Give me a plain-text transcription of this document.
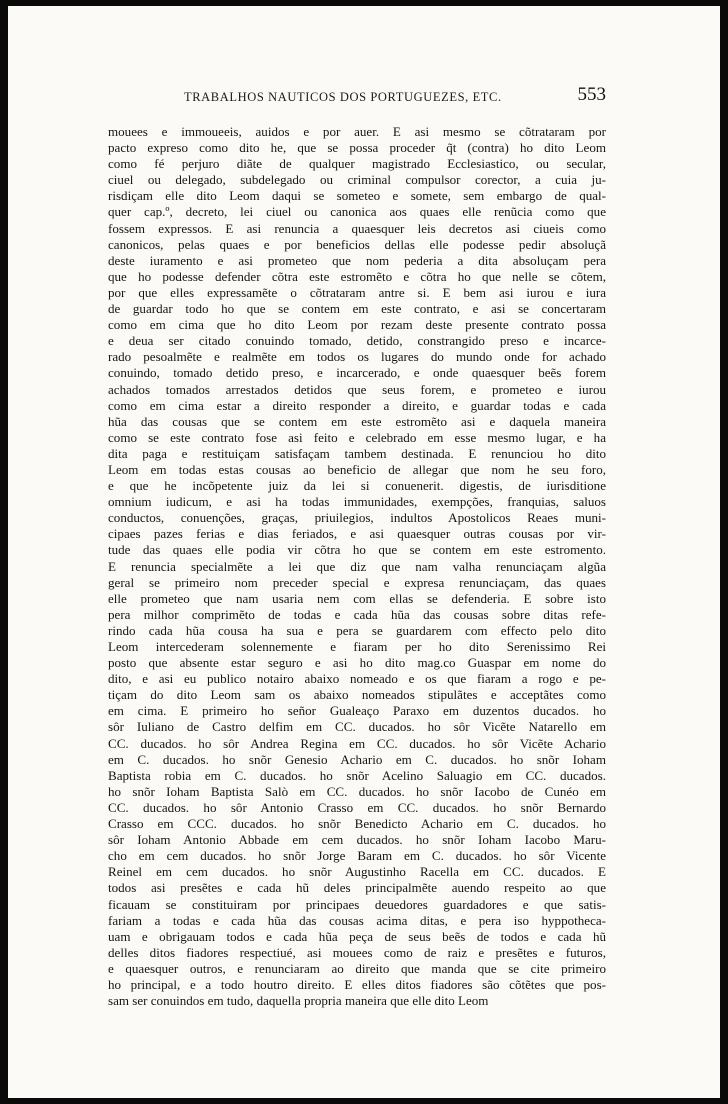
TRABALHOS NAUTICOS DOS PORTUGUEZES, ETC.	553
mouees e immoueeis, auidos e por auer. E asi mesmo se cõtrataram por
pacto expreso como dito he, que se possa proceder q̃t (contra) ho dito Leom
como fé perjuro diãte de qualquer magistrado Ecclesiastico, ou secular,
ciuel ou delegado, subdelegado ou criminal compulsor corector, a cuia ju-
risdiçam elle dito Leom daqui se someteo e somete, sem embargo de qual-
quer cap.º, decreto, lei ciuel ou canonica aos quaes elle renũcia como que
fossem expressos. E asi renuncia a quaesquer leis decretos asi ciueis como
canonicos, pelas quaes e por beneficios dellas elle podesse pedir absoluçã
deste iuramento e asi prometeo que nom pederia a dita absoluçam pera
que ho podesse defender cõtra este estromẽto e cõtra ho que nelle se cõtem,
por que elles expressamẽte o cõtrataram antre si. E bem asi iurou e iura
de guardar todo ho que se contem em este contrato, e asi se concertaram
como em cima que ho dito Leom por rezam deste presente contrato possa
e deua ser citado conuindo tomado, detido, constrangido preso e incarce-
rado pesoalmẽte e realmẽte em todos os lugares do mundo onde for achado
conuindo, tomado detido preso, e incarcerado, e onde quaesquer beẽs forem
achados tomados arrestados detidos que seus forem, e prometeo e iurou
como em cima estar a direito responder a direito, e guardar todas e cada
hũa das cousas que se contem em este estromẽto asi e daquela maneira
como se este contrato fose asi feito e celebrado em esse mesmo lugar, e ha
dita paga e restituiçam satisfaçam tambem destinada. E renunciou ho dito
Leom em todas estas cousas ao beneficio de allegar que nom he seu foro,
e que he incõpetente juiz da lei si conuenerit. digestis, de iurisditione
omnium iudicum, e asi ha todas immunidades, exempções, franquias, saluos
conductos, conuenções, graças, priuilegios, indultos Apostolicos Reaes muni-
cipaes pazes ferias e dias feriados, e asi quaesquer outras cousas por vir-
tude das quaes elle podia vir cõtra ho que se contem em este estromento.
E renuncia specialmẽte a lei que diz que nam valha renunciaçam algũa
geral se primeiro nom preceder special e expresa renunciaçam, das quaes
elle prometeo que nam usaria nem com ellas se defenderia. E sobre isto
pera milhor comprimẽto de todas e cada hũa das cousas sobre ditas refe-
rindo cada hũa cousa ha sua e pera se guardarem com effecto pelo dito
Leom intercederam solennemente e fiaram per ho dito Serenissimo Rei
posto que absente estar seguro e asi ho dito mag.co Guaspar em nome do
dito, e asi eu publico notairo abaixo nomeado e os que fiaram a rogo e pe-
tiçam do dito Leom sam os abaixo nomeados stipulãtes e acceptãtes como
em cima. E primeiro ho señor Gualeaço Paraxo em duzentos ducados. ho
sôr Iuliano de Castro delfim em CC. ducados. ho sôr Vicẽte Natarello em
CC. ducados. ho sôr Andrea Regina em CC. ducados. ho sôr Vicẽte Achario
em C. ducados. ho snõr Genesio Achario em C. ducados. ho snõr Ioham
Baptista robia em C. ducados. ho snõr Acelino Saluagio em CC. ducados.
ho snõr Ioham Baptista Salò em CC. ducados. ho snõr Iacobo de Cunéo em
CC. ducados. ho sôr Antonio Crasso em CC. ducados. ho snõr Bernardo
Crasso em CCC. ducados. ho snõr Benedicto Achario em C. ducados. ho
sôr Ioham Antonio Abbade em cem ducados. ho snõr Ioham Iacobo Maru-
cho em cem ducados. ho snõr Jorge Baram em C. ducados. ho sôr Vicente
Reinel em cem ducados. ho snõr Augustinho Racella em CC. ducados. E
todos asi presẽtes e cada hũ deles principalmẽte auendo respeito ao que
ficauam se constituiram por principaes deuedores guardadores e que satis-
fariam a todas e cada hũa das cousas acima ditas, e pera iso hyppotheca-
uam e obrigauam todos e cada hũa peça de seus beẽs de todos e cada hũ
delles ditos fiadores respectiué, asi mouees como de raiz e presẽtes e futuros,
e quaesquer outros, e renunciaram ao direito que manda que se cite primeiro
ho principal, e a todo houtro direito. E elles ditos fiadores são cõtẽtes que pos-
sam ser conuindos em tudo, daquella propria maneira que elle dito Leom
